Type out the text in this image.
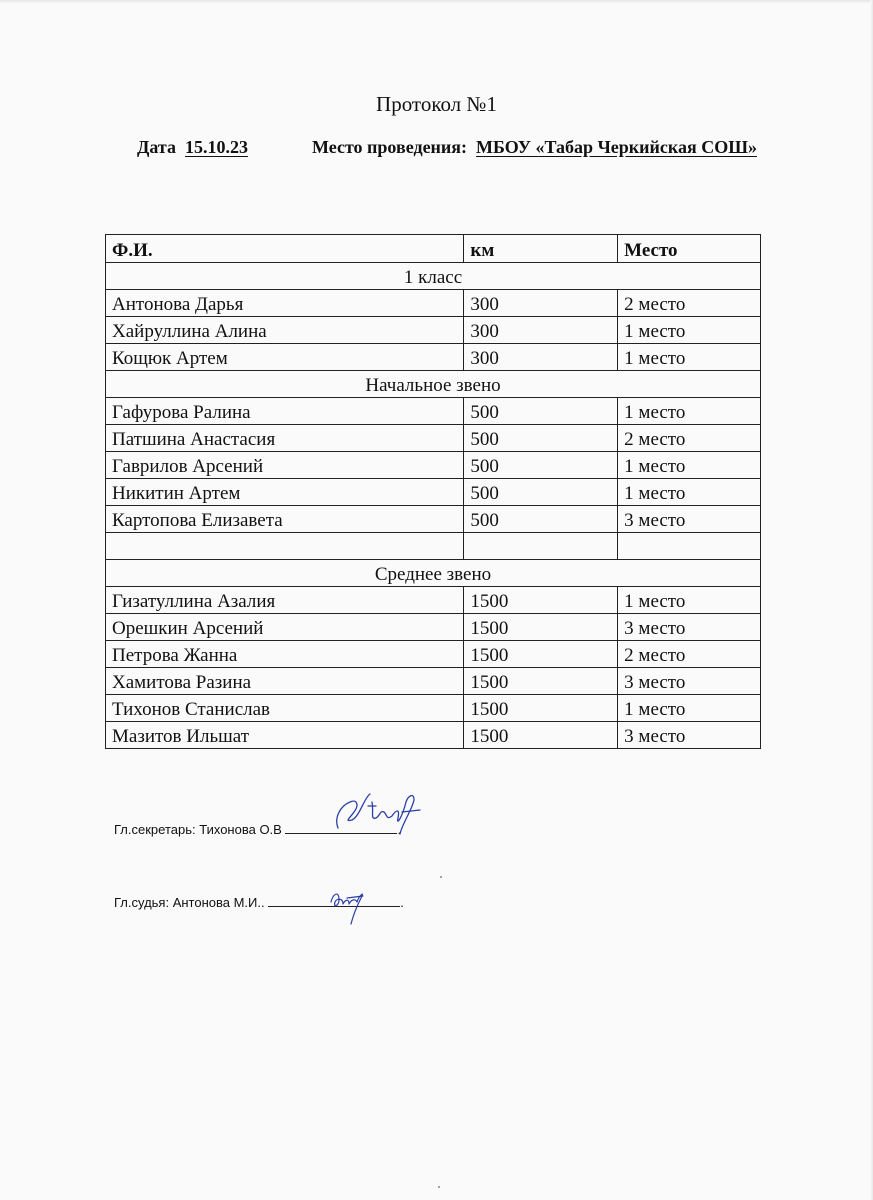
Протокол №1
Дата 15.10.23	Место проведения: МБОУ «Табар Черкийская СОШ»
Ф.И.	км	Место
1 класс		
Антонова Дарья	300	2 место
Хайруллина Алина	300	1 место
Кощюк Артем	300	1 место
Начальное звено		
Гафурова Ралина	500	1 место
Патшина Анастасия	500	2 место
Гаврилов Арсений	500	1 место
Никитин Артем	500	1 место
Картопова Елизавета	500	3 место

Среднее звено		
Гизатуллина Азалия	1500	1 место
Орешкин Арсений	1500	3 место
Петрова Жанна	1500	2 место
Хамитова Разина	1500	3 место
Тихонов Станислав	1500	1 место
Мазитов Ильшат	1500	3 место
Гл.секретарь: Тихонова О.В	.
Гл.судья: Антонова М.И..	.
